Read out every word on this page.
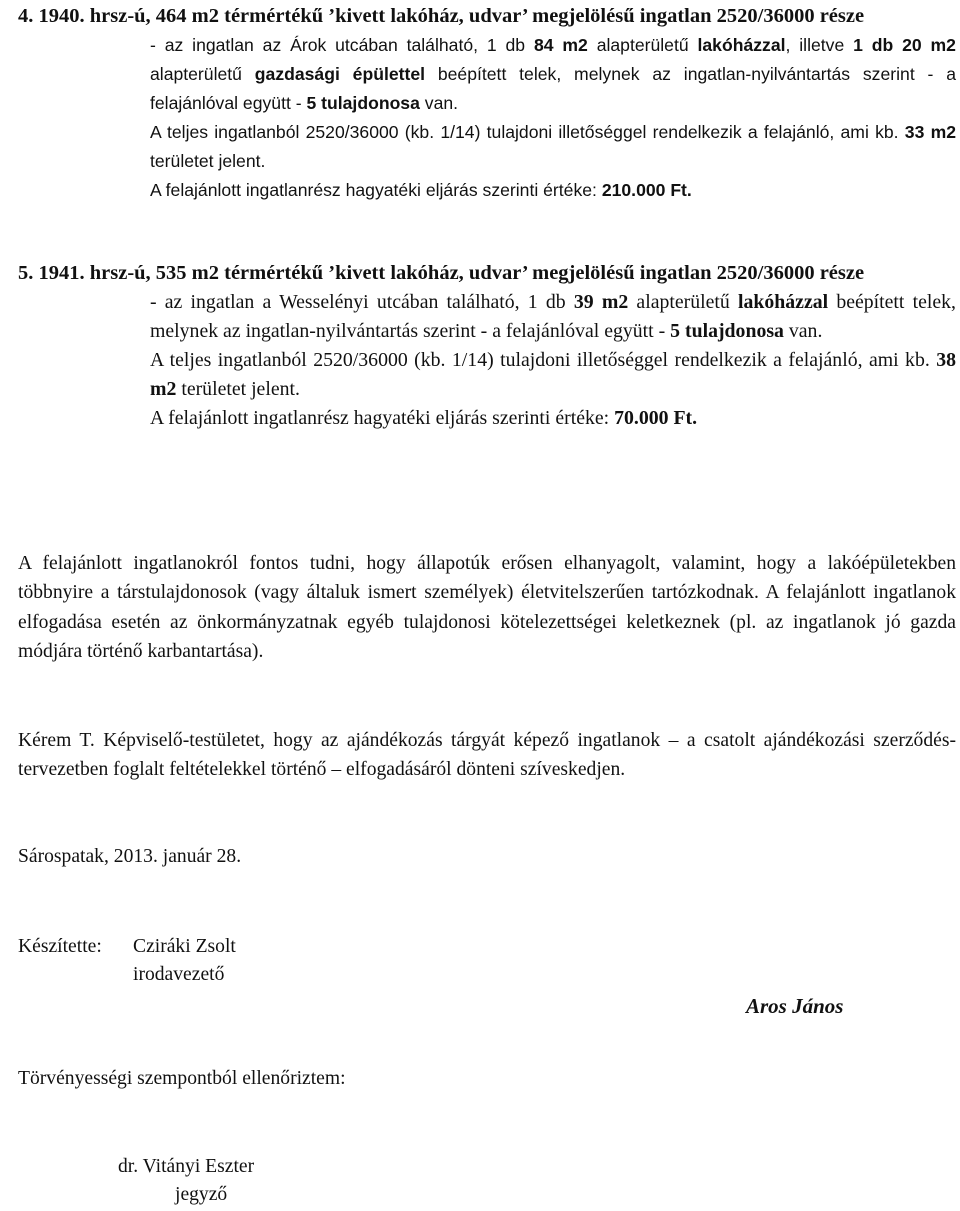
4. 1940. hrsz-ú, 464 m2 térmértékű ’kivett lakóház, udvar’ megjelölésű ingatlan 2520/36000 része

- az ingatlan az Árok utcában található, 1 db 84 m2 alapterületű lakóházzal, illetve 1 db 20 m2 alapterületű gazdasági épülettel beépített telek, melynek az ingatlan-nyilvántartás szerint - a felajánlóval együtt - 5 tulajdonosa van.

A teljes ingatlanból 2520/36000 (kb. 1/14) tulajdoni illetőséggel rendelkezik a felajánló, ami kb. 33 m2 területet jelent.

A felajánlott ingatlanrész hagyatéki eljárás szerinti értéke: 210.000 Ft.

5. 1941. hrsz-ú, 535 m2 térmértékű ’kivett lakóház, udvar’ megjelölésű ingatlan 2520/36000 része

- az ingatlan a Wesselényi utcában található, 1 db 39 m2 alapterületű lakóházzal beépített telek, melynek az ingatlan-nyilvántartás szerint - a felajánlóval együtt - 5 tulajdonosa van.

A teljes ingatlanból 2520/36000 (kb. 1/14) tulajdoni illetőséggel rendelkezik a felajánló, ami kb. 38 m2 területet jelent.

A felajánlott ingatlanrész hagyatéki eljárás szerinti értéke: 70.000 Ft.

A felajánlott ingatlanokról fontos tudni, hogy állapotúk erősen elhanyagolt, valamint, hogy a lakóépületekben többnyire a társtulajdonosok (vagy általuk ismert személyek) életvitelszerűen tartózkodnak. A felajánlott ingatlanok elfogadása esetén az önkormányzatnak egyéb tulajdonosi kötelezettségei keletkeznek (pl. az ingatlanok jó gazda módjára történő karbantartása).

Kérem T. Képviselő-testületet, hogy az ajándékozás tárgyát képező ingatlanok – a csatolt ajándékozási szerződés-tervezetben foglalt feltételekkel történő – elfogadásáról dönteni szíveskedjen.

Sárospatak, 2013. január 28.

Készítette: Cziráki Zsolt

irodavezető

Aros János

Törvényességi szempontból ellenőriztem:

dr. Vitányi Eszter

jegyző
